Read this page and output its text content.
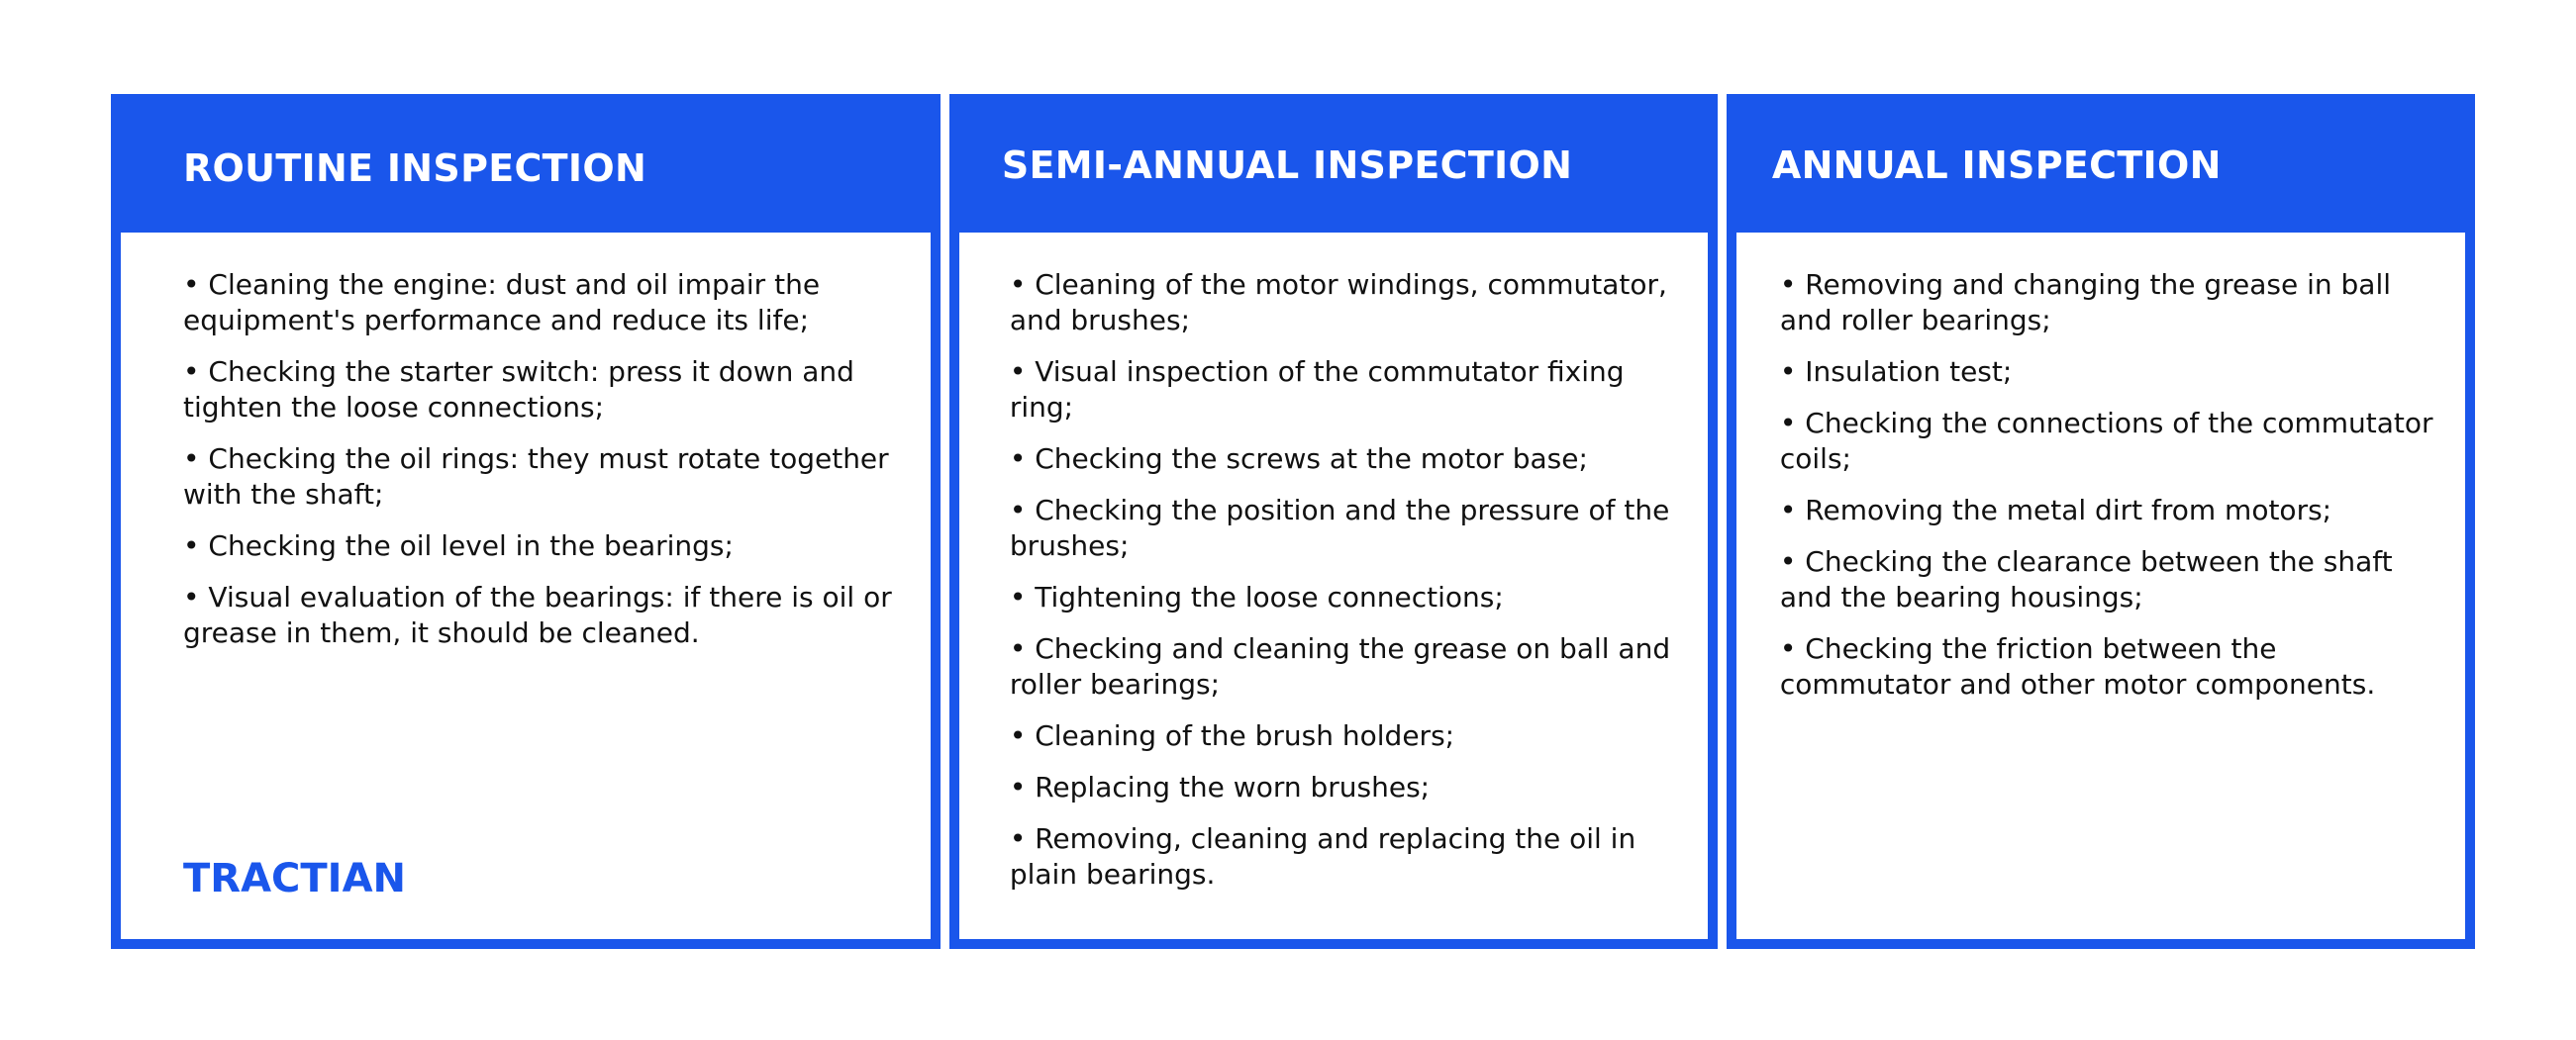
ROUTINE INSPECTION
• Cleaning the engine: dust and oil impair the equipment's performance and reduce its life;
• Checking the starter switch: press it down and tighten the loose connections;
• Checking the oil rings: they must rotate together with the shaft;
• Checking the oil level in the bearings;
• Visual evaluation of the bearings: if there is oil or grease in them, it should be cleaned.
TRACTIAN
SEMI-ANNUAL INSPECTION
• Cleaning of the motor windings, commutator, and brushes;
• Visual inspection of the commutator fixing ring;
• Checking the screws at the motor base;
• Checking the position and the pressure of the brushes;
• Tightening the loose connections;
• Checking and cleaning the grease on ball and roller bearings;
• Cleaning of the brush holders;
• Replacing the worn brushes;
• Removing, cleaning and replacing the oil in plain bearings.
ANNUAL INSPECTION
• Removing and changing the grease in ball and roller bearings;
• Insulation test;
• Checking the connections of the commutator coils;
• Removing the metal dirt from motors;
• Checking the clearance between the shaft and the bearing housings;
• Checking the friction between the commutator and other motor components.
